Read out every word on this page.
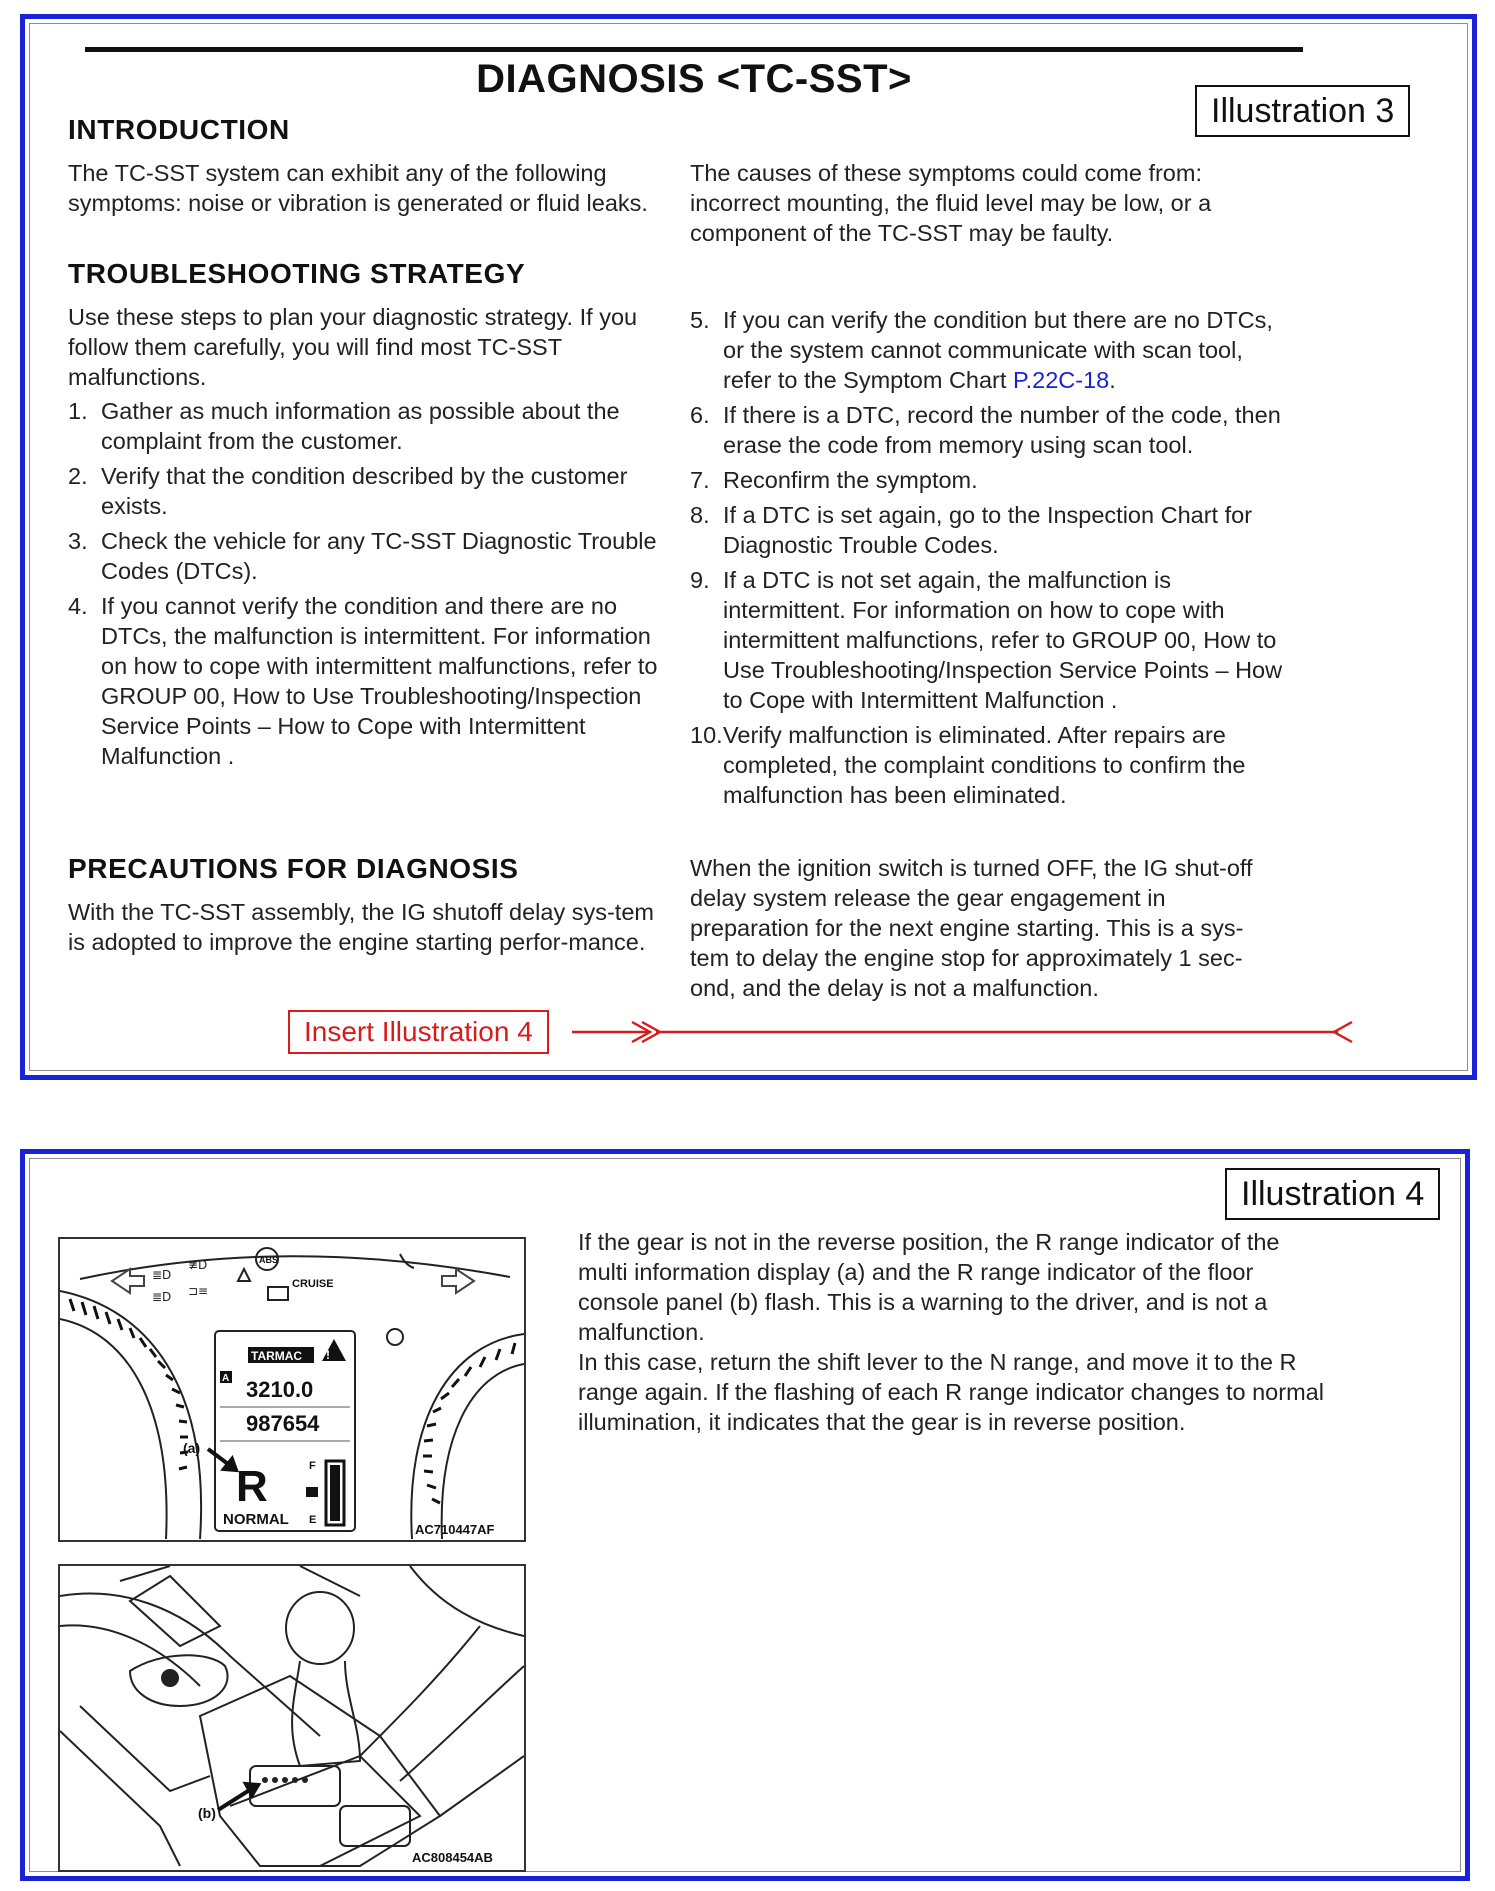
DIAGNOSIS <TC-SST>
Illustration 3
INTRODUCTION
The TC-SST system can exhibit any of the following symptoms: noise or vibration is generated or fluid leaks.
The causes of these symptoms could come from: incorrect mounting, the fluid level may be low, or a component of the TC-SST may be faulty.
TROUBLESHOOTING STRATEGY
Use these steps to plan your diagnostic strategy. If you follow them carefully, you will find most TC-SST malfunctions.
1. Gather as much information as possible about the complaint from the customer.
2. Verify that the condition described by the customer exists.
3. Check the vehicle for any TC-SST Diagnostic Trouble Codes (DTCs).
4. If you cannot verify the condition and there are no DTCs, the malfunction is intermittent. For information on how to cope with intermittent malfunctions, refer to GROUP 00, How to Use Troubleshooting/Inspection Service Points – How to Cope with Intermittent Malfunction .
5. If you can verify the condition but there are no DTCs, or the system cannot communicate with scan tool, refer to the Symptom Chart P.22C-18.
6. If there is a DTC, record the number of the code, then erase the code from memory using scan tool.
7. Reconfirm the symptom.
8. If a DTC is set again, go to the Inspection Chart for Diagnostic Trouble Codes.
9. If a DTC is not set again, the malfunction is intermittent. For information on how to cope with intermittent malfunctions, refer to GROUP 00, How to Use Troubleshooting/Inspection Service Points – How to Cope with Intermittent Malfunction .
10. Verify malfunction is eliminated. After repairs are completed, the complaint conditions to confirm the malfunction has been eliminated.
PRECAUTIONS FOR DIAGNOSIS
With the TC-SST assembly, the IG shutoff delay sys-tem is adopted to improve the engine starting perfor-mance.
When the ignition switch is turned OFF, the IG shut-off delay system release the gear engagement in preparation for the next engine starting. This is a sys-tem to delay the engine stop for approximately 1 sec-ond, and the delay is not a malfunction.
Insert Illustration 4
Illustration 4
If the gear is not in the reverse position, the R range indicator of the multi information display (a) and the R range indicator of the floor console panel (b) flash. This is a warning to the driver, and is not a malfunction.
In this case, return the shift lever to the N range, and move it to the R range again. If the flashing of each R range indicator changes to normal illumination, it indicates that the gear is in reverse position.
ABS
CRUISE
≣D
≣D
≢D
⊐≡
TARMAC !
A 3210.0
987654
R
NORMAL
F
E
(a)
AC710447AF
(b)
AC808454AB
